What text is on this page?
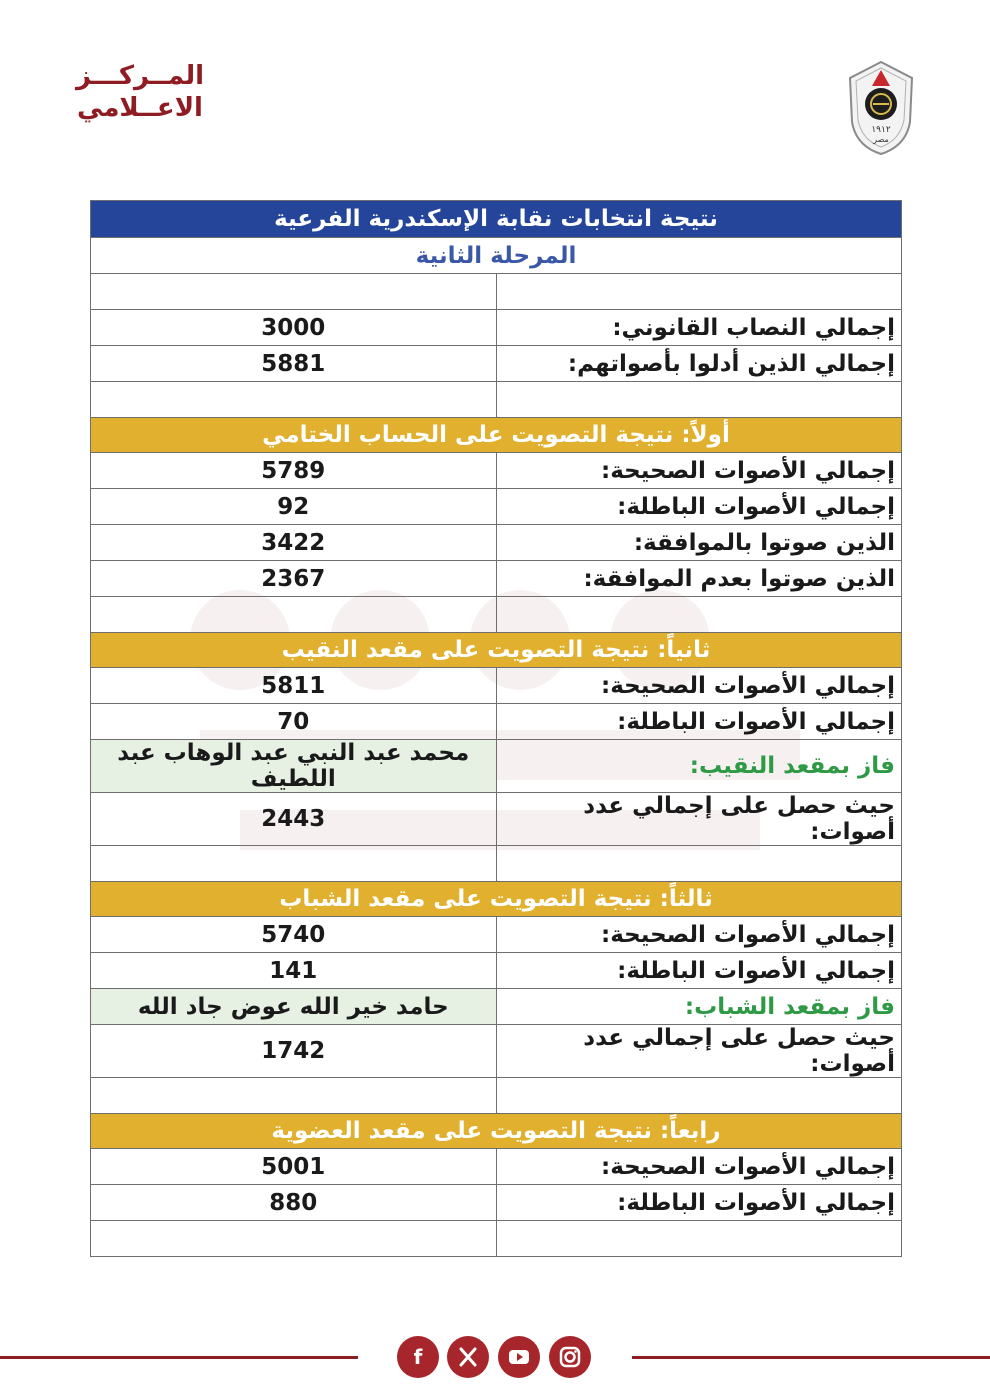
المــركـــز
الاعــلامي
١٩١٢
مصر
نتيجة انتخابات نقابة الإسكندرية الفرعية	
المرحلة الثانية	

إجمالي النصاب القانوني:	3000
إجمالي الذين أدلوا بأصواتهم:	5881

أولاً: نتيجة التصويت على الحساب الختامي	
إجمالي الأصوات الصحيحة:	5789
إجمالي الأصوات الباطلة:	92
الذين صوتوا بالموافقة:	3422
الذين صوتوا بعدم الموافقة:	2367

ثانياً: نتيجة التصويت على مقعد النقيب	
إجمالي الأصوات الصحيحة:	5811
إجمالي الأصوات الباطلة:	70
فاز بمقعد النقيب:	محمد عبد النبي عبد الوهاب عبد اللطيف
حيث حصل على إجمالي عدد أصوات:	2443

ثالثاً: نتيجة التصويت على مقعد الشباب	
إجمالي الأصوات الصحيحة:	5740
إجمالي الأصوات الباطلة:	141
فاز بمقعد الشباب:	حامد خير الله عوض جاد الله
حيث حصل على إجمالي عدد أصوات:	1742

رابعاً: نتيجة التصويت على مقعد العضوية	
إجمالي الأصوات الصحيحة:	5001
إجمالي الأصوات الباطلة:	880

f
